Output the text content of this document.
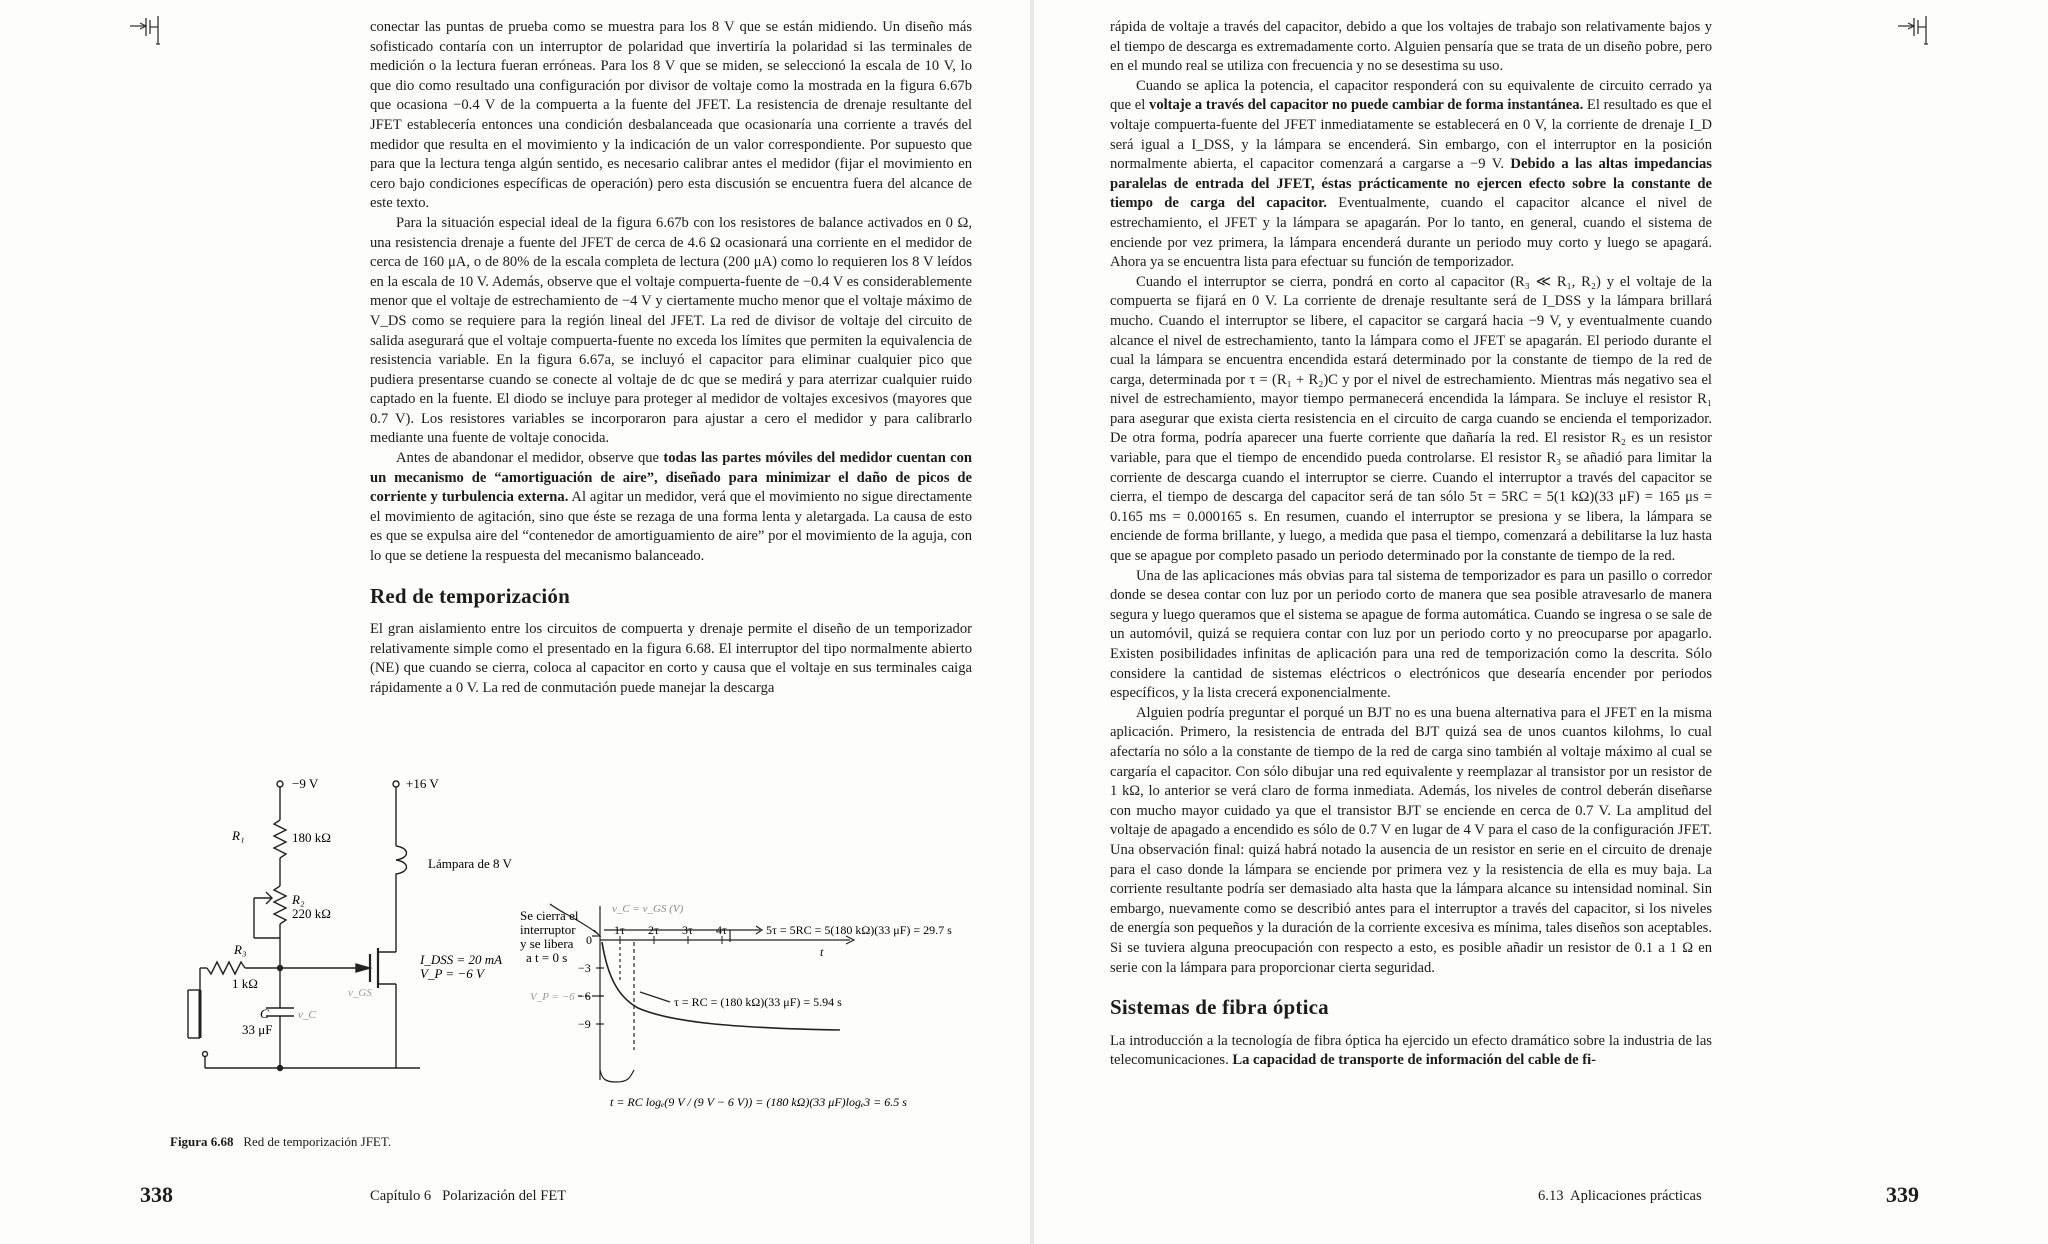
conectar las puntas de prueba como se muestra para los 8 V que se están midiendo. Un diseño más sofisticado contaría con un interruptor de polaridad que invertiría la polaridad si las terminales de medición o la lectura fueran erróneas. Para los 8 V que se miden, se seleccionó la escala de 10 V, lo que dio como resultado una configuración por divisor de voltaje como la mostrada en la figura 6.67b que ocasiona −0.4 V de la compuerta a la fuente del JFET. La resistencia de drenaje resultante del JFET establecería entonces una condición desbalanceada que ocasionaría una corriente a través del medidor que resulta en el movimiento y la indicación de un valor correspondiente. Por supuesto que para que la lectura tenga algún sentido, es necesario calibrar antes el medidor (fijar el movimiento en cero bajo condiciones específicas de operación) pero esta discusión se encuentra fuera del alcance de este texto.

Para la situación especial ideal de la figura 6.67b con los resistores de balance activados en 0 Ω, una resistencia drenaje a fuente del JFET de cerca de 4.6 Ω ocasionará una corriente en el medidor de cerca de 160 μA, o de 80% de la escala completa de lectura (200 μA) como lo requieren los 8 V leídos en la escala de 10 V. Además, observe que el voltaje compuerta-fuente de −0.4 V es considerablemente menor que el voltaje de estrechamiento de −4 V y ciertamente mucho menor que el voltaje máximo de V_DS como se requiere para la región lineal del JFET. La red de divisor de voltaje del circuito de salida asegurará que el voltaje compuerta-fuente no exceda los límites que permiten la equivalencia de resistencia variable. En la figura 6.67a, se incluyó el capacitor para eliminar cualquier pico que pudiera presentarse cuando se conecte al voltaje de dc que se medirá y para aterrizar cualquier ruido captado en la fuente. El diodo se incluye para proteger al medidor de voltajes excesivos (mayores que 0.7 V). Los resistores variables se incorporaron para ajustar a cero el medidor y para calibrarlo mediante una fuente de voltaje conocida.

Antes de abandonar el medidor, observe que todas las partes móviles del medidor cuentan con un mecanismo de “amortiguación de aire”, diseñado para minimizar el daño de picos de corriente y turbulencia externa. Al agitar un medidor, verá que el movimiento no sigue directamente el movimiento de agitación, sino que éste se rezaga de una forma lenta y aletargada. La causa de esto es que se expulsa aire del “contenedor de amortiguamiento de aire” por el movimiento de la aguja, con lo que se detiene la respuesta del mecanismo balanceado.

Red de temporización

El gran aislamiento entre los circuitos de compuerta y drenaje permite el diseño de un temporizador relativamente simple como el presentado en la figura 6.68. El interruptor del tipo normalmente abierto (NE) que cuando se cierra, coloca al capacitor en corto y causa que el voltaje en sus terminales caiga rápidamente a 0 V. La red de conmutación puede manejar la descarga

−9 V	+16 V
R₁	180 kΩ
R₂
220 kΩ
R₃
1 kΩ
Lámpara de 8 V
C	v_C
33 μF
v_GS
I_DSS = 20 mA
V_P = −6 V
1τ 2τ 3τ 4τ
0
−3
−6
−9
Se cierra el
interruptor
y se libera
a t = 0 s
v_C = v_GS (V)
5τ = 5RC = 5(180 kΩ)(33 μF) = 29.7 s
t
τ = RC = (180 kΩ)(33 μF) = 5.94 s
V_P = −6
t = RC logₑ(9 V / (9 V − 6 V)) = (180 kΩ)(33 μF)logₑ3 = 6.5 s
Figura 6.68 Red de temporización JFET.
338	Capítulo 6   Polarización del FET

rápida de voltaje a través del capacitor, debido a que los voltajes de trabajo son relativamente bajos y el tiempo de descarga es extremadamente corto. Alguien pensaría que se trata de un diseño pobre, pero en el mundo real se utiliza con frecuencia y no se desestima su uso.

Cuando se aplica la potencia, el capacitor responderá con su equivalente de circuito cerrado ya que el voltaje a través del capacitor no puede cambiar de forma instantánea. El resultado es que el voltaje compuerta-fuente del JFET inmediatamente se establecerá en 0 V, la corriente de drenaje I_D será igual a I_DSS, y la lámpara se encenderá. Sin embargo, con el interruptor en la posición normalmente abierta, el capacitor comenzará a cargarse a −9 V. Debido a las altas impedancias paralelas de entrada del JFET, éstas prácticamente no ejercen efecto sobre la constante de tiempo de carga del capacitor. Eventualmente, cuando el capacitor alcance el nivel de estrechamiento, el JFET y la lámpara se apagarán. Por lo tanto, en general, cuando el sistema de enciende por vez primera, la lámpara encenderá durante un periodo muy corto y luego se apagará. Ahora ya se encuentra lista para efectuar su función de temporizador.

Cuando el interruptor se cierra, pondrá en corto al capacitor (R₃ ≪ R₁, R₂) y el voltaje de la compuerta se fijará en 0 V. La corriente de drenaje resultante será de I_DSS y la lámpara brillará mucho. Cuando el interruptor se libere, el capacitor se cargará hacia −9 V, y eventualmente cuando alcance el nivel de estrechamiento, tanto la lámpara como el JFET se apagarán. El periodo durante el cual la lámpara se encuentra encendida estará determinado por la constante de tiempo de la red de carga, determinada por τ = (R₁ + R₂)C y por el nivel de estrechamiento. Mientras más negativo sea el nivel de estrechamiento, mayor tiempo permanecerá encendida la lámpara. Se incluye el resistor R₁ para asegurar que exista cierta resistencia en el circuito de carga cuando se encienda el temporizador. De otra forma, podría aparecer una fuerte corriente que dañaría la red. El resistor R₂ es un resistor variable, para que el tiempo de encendido pueda controlarse. El resistor R₃ se añadió para limitar la corriente de descarga cuando el interruptor se cierre. Cuando el interruptor a través del capacitor se cierra, el tiempo de descarga del capacitor será de tan sólo 5τ = 5RC = 5(1 kΩ)(33 μF) = 165 μs = 0.165 ms = 0.000165 s. En resumen, cuando el interruptor se presiona y se libera, la lámpara se enciende de forma brillante, y luego, a medida que pasa el tiempo, comenzará a debilitarse la luz hasta que se apague por completo pasado un periodo determinado por la constante de tiempo de la red.

Una de las aplicaciones más obvias para tal sistema de temporizador es para un pasillo o corredor donde se desea contar con luz por un periodo corto de manera que sea posible atravesarlo de manera segura y luego queramos que el sistema se apague de forma automática. Cuando se ingresa o se sale de un automóvil, quizá se requiera contar con luz por un periodo corto y no preocuparse por apagarlo. Existen posibilidades infinitas de aplicación para una red de temporización como la descrita. Sólo considere la cantidad de sistemas eléctricos o electrónicos que desearía encender por periodos específicos, y la lista crecerá exponencialmente.

Alguien podría preguntar el porqué un BJT no es una buena alternativa para el JFET en la misma aplicación. Primero, la resistencia de entrada del BJT quizá sea de unos cuantos kilohms, lo cual afectaría no sólo a la constante de tiempo de la red de carga sino también al voltaje máximo al cual se cargaría el capacitor. Con sólo dibujar una red equivalente y reemplazar al transistor por un resistor de 1 kΩ, lo anterior se verá claro de forma inmediata. Además, los niveles de control deberán diseñarse con mucho mayor cuidado ya que el transistor BJT se enciende en cerca de 0.7 V. La amplitud del voltaje de apagado a encendido es sólo de 0.7 V en lugar de 4 V para el caso de la configuración JFET. Una observación final: quizá habrá notado la ausencia de un resistor en serie en el circuito de drenaje para el caso donde la lámpara se enciende por primera vez y la resistencia de ella es muy baja. La corriente resultante podría ser demasiado alta hasta que la lámpara alcance su intensidad nominal. Sin embargo, nuevamente como se describió antes para el interruptor a través del capacitor, si los niveles de energía son pequeños y la duración de la corriente excesiva es mínima, tales diseños son aceptables. Si se tuviera alguna preocupación con respecto a esto, es posible añadir un resistor de 0.1 a 1 Ω en serie con la lámpara para proporcionar cierta seguridad.

Sistemas de fibra óptica

La introducción a la tecnología de fibra óptica ha ejercido un efecto dramático sobre la industria de las telecomunicaciones. La capacidad de transporte de información del cable de fi-

6.13  Aplicaciones prácticas	339
